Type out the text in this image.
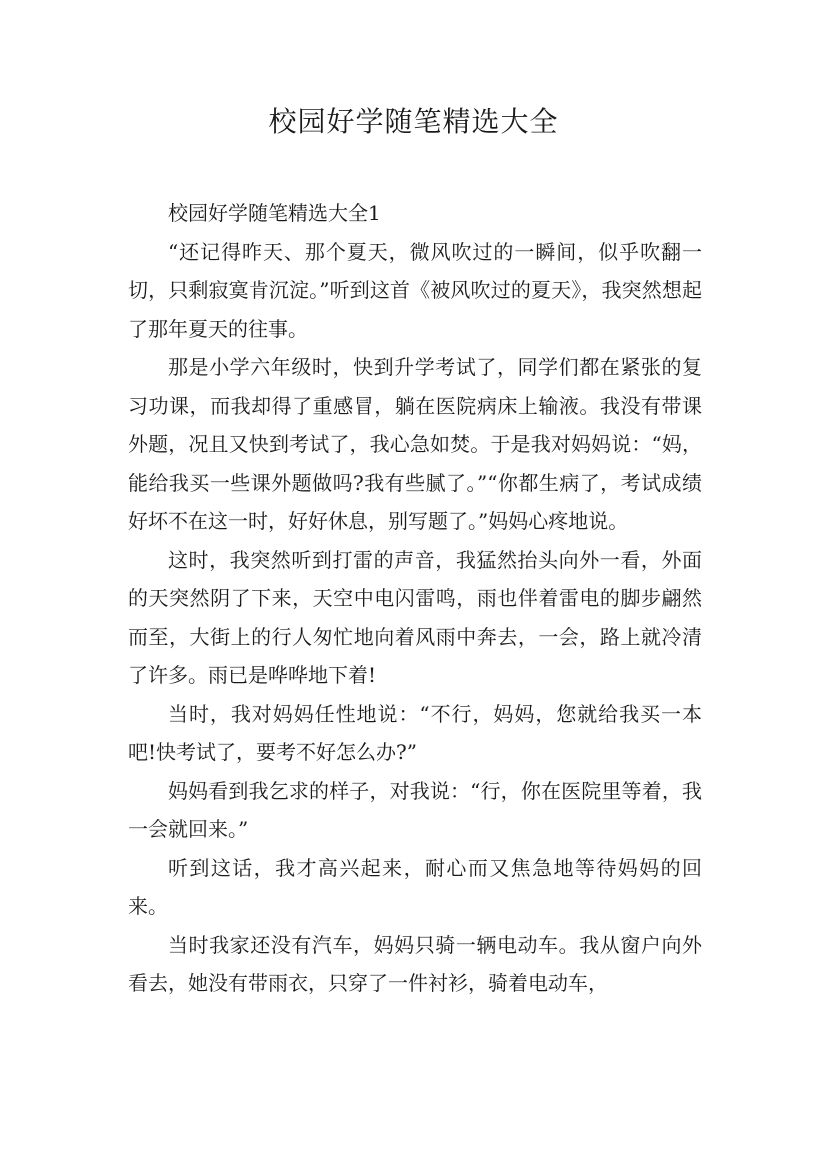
校园好学随笔精选大全

校园好学随笔精选大全1

“还记得昨天、那个夏天，微风吹过的一瞬间，似乎吹翻一切，只剩寂寞肯沉淀。”听到这首《被风吹过的夏天》，我突然想起了那年夏天的往事。

那是小学六年级时，快到升学考试了，同学们都在紧张的复习功课，而我却得了重感冒，躺在医院病床上输液。我没有带课外题，况且又快到考试了，我心急如焚。于是我对妈妈说：“妈，能给我买一些课外题做吗?我有些腻了。”“你都生病了，考试成绩好坏不在这一时，好好休息，别写题了。”妈妈心疼地说。

这时，我突然听到打雷的声音，我猛然抬头向外一看，外面的天突然阴了下来，天空中电闪雷鸣，雨也伴着雷电的脚步翩然而至，大街上的行人匆忙地向着风雨中奔去，一会，路上就冷清了许多。雨已是哗哗地下着!

当时，我对妈妈任性地说：“不行，妈妈，您就给我买一本吧!快考试了，要考不好怎么办?”

妈妈看到我乞求的样子，对我说：“行，你在医院里等着，我一会就回来。”

听到这话，我才高兴起来，耐心而又焦急地等待妈妈的回来。

当时我家还没有汽车，妈妈只骑一辆电动车。我从窗户向外看去，她没有带雨衣，只穿了一件衬衫，骑着电动车，
